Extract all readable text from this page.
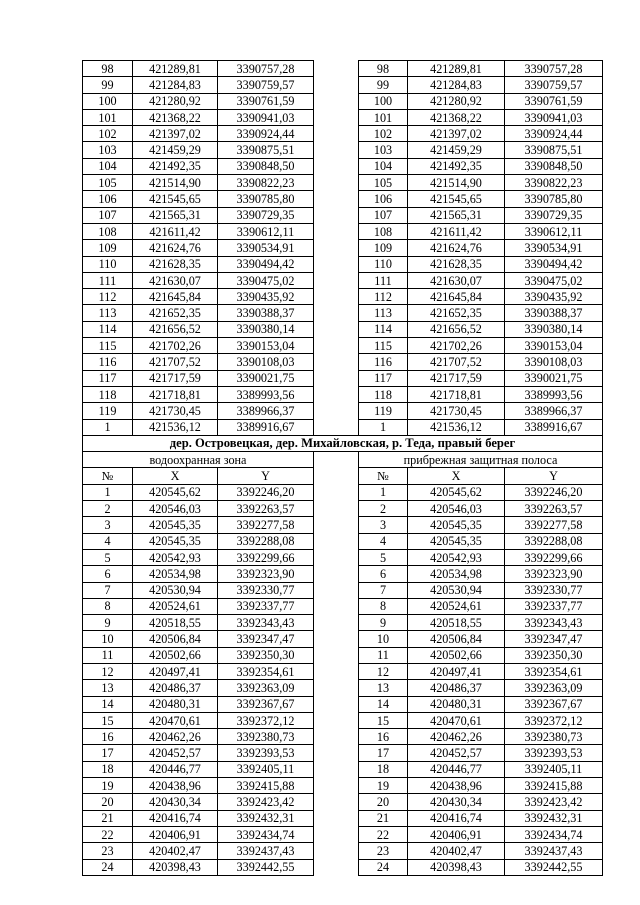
98	421289,81	3390757,28		98	421289,81	3390757,28
99	421284,83	3390759,57		99	421284,83	3390759,57
100	421280,92	3390761,59		100	421280,92	3390761,59
101	421368,22	3390941,03		101	421368,22	3390941,03
102	421397,02	3390924,44		102	421397,02	3390924,44
103	421459,29	3390875,51		103	421459,29	3390875,51
104	421492,35	3390848,50		104	421492,35	3390848,50
105	421514,90	3390822,23		105	421514,90	3390822,23
106	421545,65	3390785,80		106	421545,65	3390785,80
107	421565,31	3390729,35		107	421565,31	3390729,35
108	421611,42	3390612,11		108	421611,42	3390612,11
109	421624,76	3390534,91		109	421624,76	3390534,91
110	421628,35	3390494,42		110	421628,35	3390494,42
111	421630,07	3390475,02		111	421630,07	3390475,02
112	421645,84	3390435,92		112	421645,84	3390435,92
113	421652,35	3390388,37		113	421652,35	3390388,37
114	421656,52	3390380,14		114	421656,52	3390380,14
115	421702,26	3390153,04		115	421702,26	3390153,04
116	421707,52	3390108,03		116	421707,52	3390108,03
117	421717,59	3390021,75		117	421717,59	3390021,75
118	421718,81	3389993,56		118	421718,81	3389993,56
119	421730,45	3389966,37		119	421730,45	3389966,37
1	421536,12	3389916,67		1	421536,12	3389916,67
дер. Островецкая, дер. Михайловская, р. Теда, правый берег						
водоохранная зона				прибрежная защитная полоса		
№	X	Y		№	X	Y
1	420545,62	3392246,20		1	420545,62	3392246,20
2	420546,03	3392263,57		2	420546,03	3392263,57
3	420545,35	3392277,58		3	420545,35	3392277,58
4	420545,35	3392288,08		4	420545,35	3392288,08
5	420542,93	3392299,66		5	420542,93	3392299,66
6	420534,98	3392323,90		6	420534,98	3392323,90
7	420530,94	3392330,77		7	420530,94	3392330,77
8	420524,61	3392337,77		8	420524,61	3392337,77
9	420518,55	3392343,43		9	420518,55	3392343,43
10	420506,84	3392347,47		10	420506,84	3392347,47
11	420502,66	3392350,30		11	420502,66	3392350,30
12	420497,41	3392354,61		12	420497,41	3392354,61
13	420486,37	3392363,09		13	420486,37	3392363,09
14	420480,31	3392367,67		14	420480,31	3392367,67
15	420470,61	3392372,12		15	420470,61	3392372,12
16	420462,26	3392380,73		16	420462,26	3392380,73
17	420452,57	3392393,53		17	420452,57	3392393,53
18	420446,77	3392405,11		18	420446,77	3392405,11
19	420438,96	3392415,88		19	420438,96	3392415,88
20	420430,34	3392423,42		20	420430,34	3392423,42
21	420416,74	3392432,31		21	420416,74	3392432,31
22	420406,91	3392434,74		22	420406,91	3392434,74
23	420402,47	3392437,43		23	420402,47	3392437,43
24	420398,43	3392442,55		24	420398,43	3392442,55
